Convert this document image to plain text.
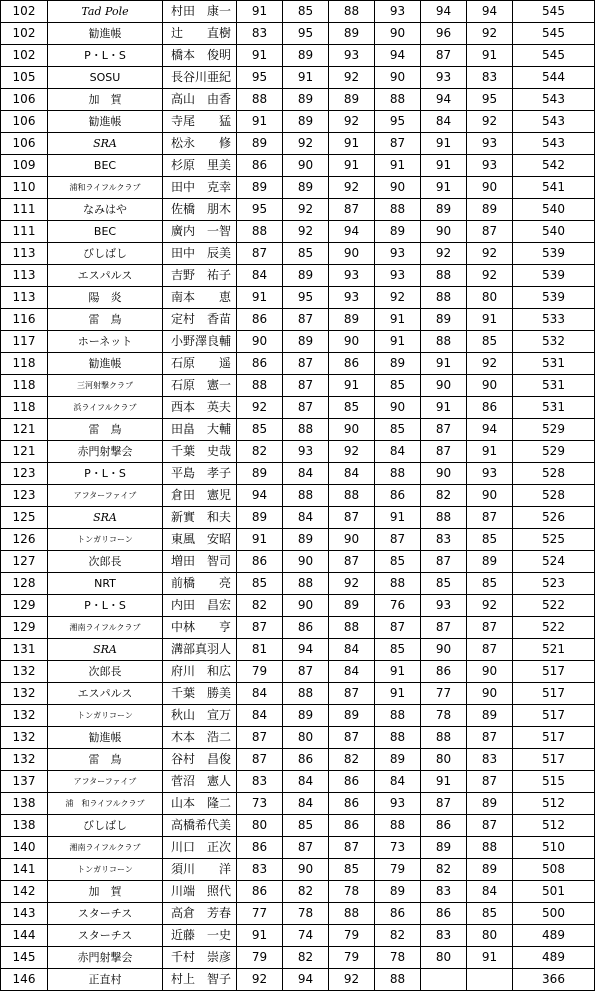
102	Tad Pole	村田　康一	91	85	88	93	94	94	545
102	勧進帳	辻　　直樹	83	95	89	90	96	92	545
102	P・L・S	橋本　俊明	91	89	93	94	87	91	545
105	SOSU	長谷川亜紀	95	91	92	90	93	83	544
106	加　賀	高山　由香	88	89	89	88	94	95	543
106	勧進帳	寺尾　　猛	91	89	92	95	84	92	543
106	SRA	松永　　修	89	92	91	87	91	93	543
109	BEC	杉原　里美	86	90	91	91	91	93	542
110	浦和ライフルクラブ	田中　克幸	89	89	92	90	91	90	541
111	なみはや	佐橋　朋木	95	92	87	88	89	89	540
111	BEC	廣内　一智	88	92	94	89	90	87	540
113	びしばし	田中　辰美	87	85	90	93	92	92	539
113	エスパルス	吉野　祐子	84	89	93	93	88	92	539
113	陽　炎	南本　　恵	91	95	93	92	88	80	539
116	雷　鳥	定村　香苗	86	87	89	91	89	91	533
117	ホーネット	小野澤良輔	90	89	90	91	88	85	532
118	勧進帳	石原　　遥	86	87	86	89	91	92	531
118	三河射撃クラブ	石原　憲一	88	87	91	85	90	90	531
118	浜ライフルクラブ	西本　英夫	92	87	85	90	91	86	531
121	雷　鳥	田畠　大輔	85	88	90	85	87	94	529
121	赤門射撃会	千葉　史哉	82	93	92	84	87	91	529
123	P・L・S	平島　孝子	89	84	84	88	90	93	528
123	アフターファイブ	倉田　憲児	94	88	88	86	82	90	528
125	SRA	新實　和夫	89	84	87	91	88	87	526
126	トンガリコーン	東風　安昭	91	89	90	87	83	85	525
127	次郎長	増田　智司	86	90	87	85	87	89	524
128	NRT	前橋　　亮	85	88	92	88	85	85	523
129	P・L・S	内田　昌宏	82	90	89	76	93	92	522
129	湘南ライフルクラブ	中林　　亨	87	86	88	87	87	87	522
131	SRA	溝部真羽人	81	94	84	85	90	87	521
132	次郎長	府川　和広	79	87	84	91	86	90	517
132	エスパルス	千葉　勝美	84	88	87	91	77	90	517
132	トンガリコーン	秋山　宣万	84	89	89	88	78	89	517
132	勧進帳	木本　浩二	87	80	87	88	88	87	517
132	雷　鳥	谷村　昌俊	87	86	82	89	80	83	517
137	アフターファイブ	菅沼　憲人	83	84	86	84	91	87	515
138	浦　和ライフルクラブ	山本　隆二	73	84	86	93	87	89	512
138	びしばし	高橋希代美	80	85	86	88	86	87	512
140	湘南ライフルクラブ	川口　正次	86	87	87	73	89	88	510
141	トンガリコーン	須川　　洋	83	90	85	79	82	89	508
142	加　賀	川端　照代	86	82	78	89	83	84	501
143	スターチス	高倉　芳春	77	78	88	86	86	85	500
144	スターチス	近藤　一史	91	74	79	82	83	80	489
145	赤門射撃会	千村　崇彦	79	82	79	78	80	91	489
146	正直村	村上　智子	92	94	92	88			366
